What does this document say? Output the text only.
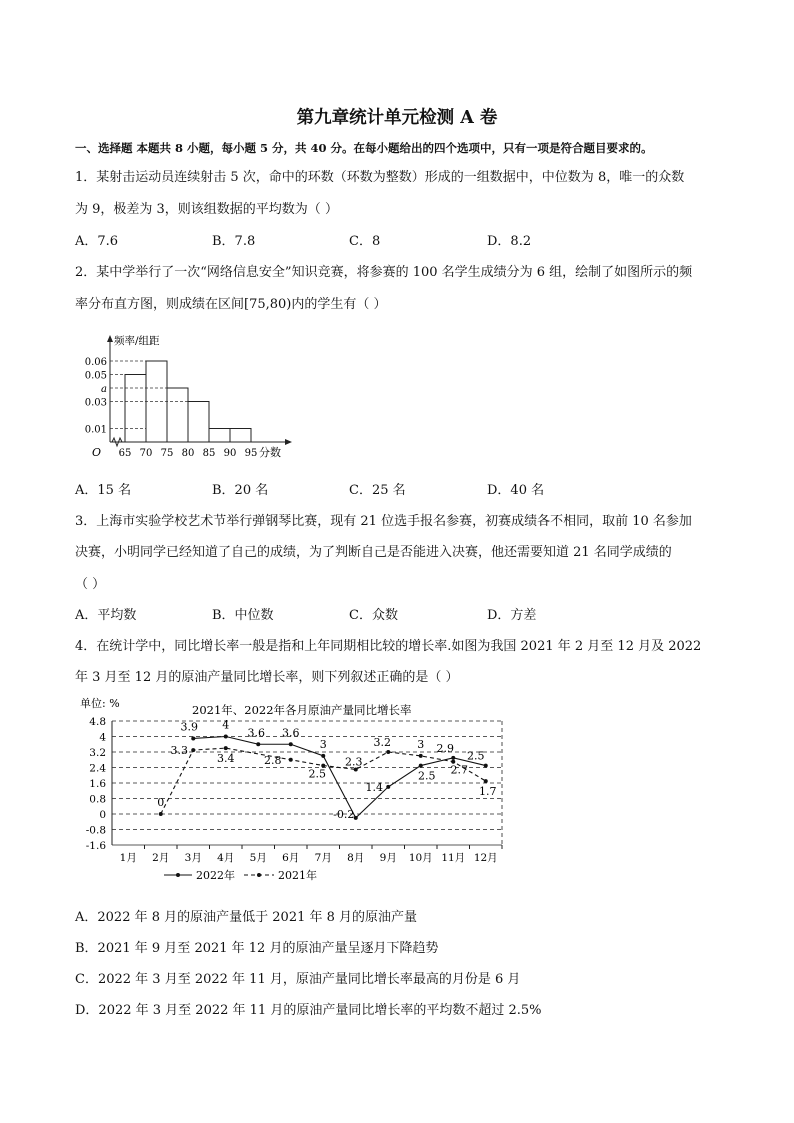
第九章统计单元检测 A 卷
一、选择题 本题共 8 小题，每小题 5 分，共 40 分。在每小题给出的四个选项中，只有一项是符合题目要求的。
1．某射击运动员连续射击 5 次，命中的环数（环数为整数）形成的一组数据中，中位数为 8，唯一的众数
为 9，极差为 3，则该组数据的平均数为（ ）
A．7.6	B．7.8	C．8	D．8.2
2．某中学举行了一次“网络信息安全”知识竞赛，将参赛的 100 名学生成绩分为 6 组，绘制了如图所示的频
率分布直方图，则成绩在区间[75,80)内的学生有（ ）
频率/组距
O	分数
0.06
0.05
a
0.03
0.01
65 70 75 80 85 90 95
A．15 名	B．20 名	C．25 名	D．40 名
3．上海市实验学校艺术节举行弹钢琴比赛，现有 21 位选手报名参赛，初赛成绩各不相同，取前 10 名参加
决赛，小明同学已经知道了自己的成绩，为了判断自己是否能进入决赛，他还需要知道 21 名同学成绩的
（ ）
A．平均数	B．中位数	C．众数	D．方差
4．在统计学中，同比增长率一般是指和上年同期相比较的增长率.如图为我国 2021 年 2 月至 12 月及 2022
年 3 月至 12 月的原油产量同比增长率，则下列叙述正确的是（ ）
单位: %	2021年、2022年各月原油产量同比增长率
4.8
4
3.2
2.4
1.6
0.8
0
-0.8
-1.6
1月 2月 3月 4月 5月 6月 7月 8月 9月 10月 11月 12月
3.9 4
3.6 3.6
3
-0.2
1.4
2.5
2.9
2.5
0
3.3
3.4	2.8
2.5
2.3
3.2 3
2.7
1.7
2022年	2021年
A．2022 年 8 月的原油产量低于 2021 年 8 月的原油产量
B．2021 年 9 月至 2021 年 12 月的原油产量呈逐月下降趋势
C．2022 年 3 月至 2022 年 11 月，原油产量同比增长率最高的月份是 6 月
D．2022 年 3 月至 2022 年 11 月的原油产量同比增长率的平均数不超过 2.5%
